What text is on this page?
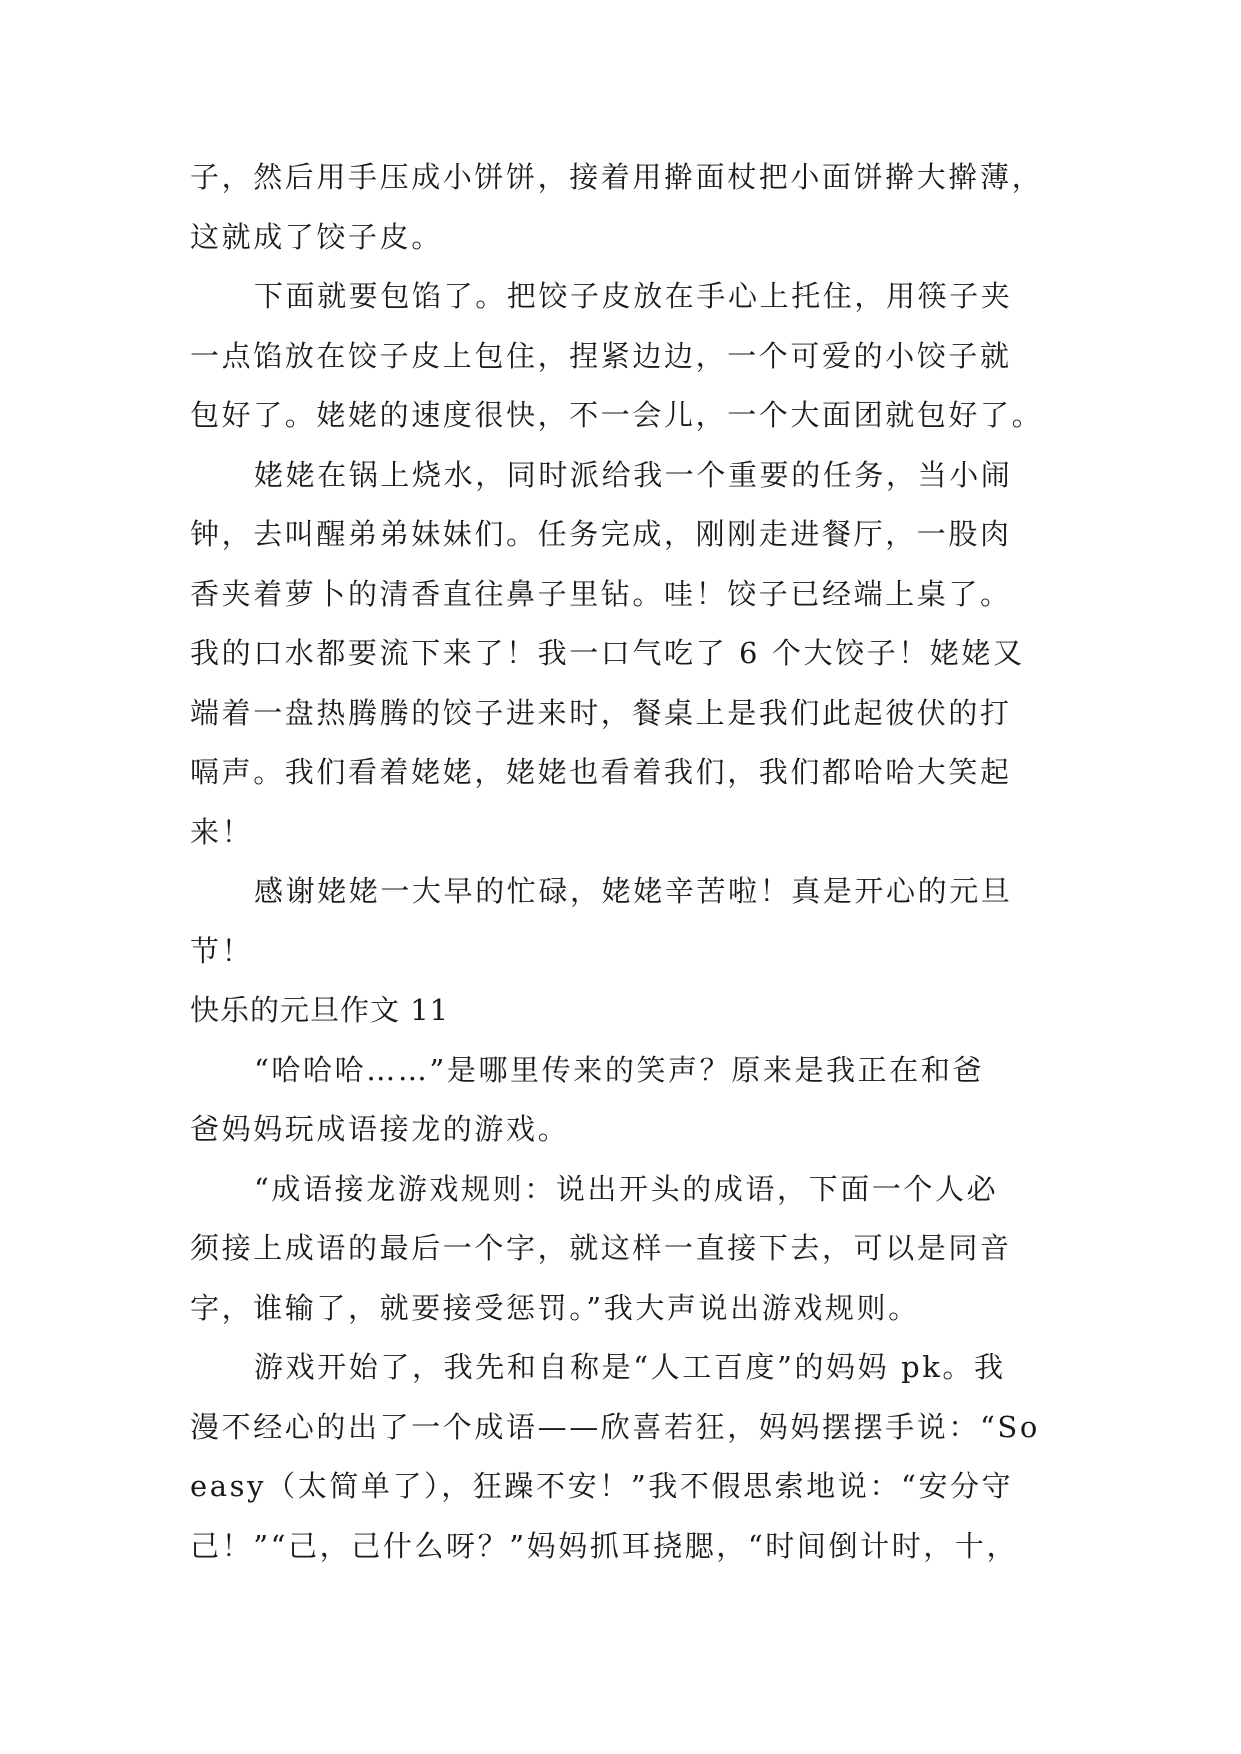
子，然后用手压成小饼饼，接着用擀面杖把小面饼擀大擀薄，
这就成了饺子皮。
下面就要包馅了。把饺子皮放在手心上托住，用筷子夹
一点馅放在饺子皮上包住，捏紧边边，一个可爱的小饺子就
包好了。姥姥的速度很快，不一会儿，一个大面团就包好了。
姥姥在锅上烧水，同时派给我一个重要的任务，当小闹
钟，去叫醒弟弟妹妹们。任务完成，刚刚走进餐厅，一股肉
香夹着萝卜的清香直往鼻子里钻。哇！饺子已经端上桌了。
我的口水都要流下来了！我一口气吃了 6 个大饺子！姥姥又
端着一盘热腾腾的饺子进来时，餐桌上是我们此起彼伏的打
嗝声。我们看着姥姥，姥姥也看着我们，我们都哈哈大笑起
来！
感谢姥姥一大早的忙碌，姥姥辛苦啦！真是开心的元旦
节！
快乐的元旦作文 11
“哈哈哈……”是哪里传来的笑声？原来是我正在和爸
爸妈妈玩成语接龙的游戏。
“成语接龙游戏规则：说出开头的成语，下面一个人必
须接上成语的最后一个字，就这样一直接下去，可以是同音
字，谁输了，就要接受惩罚。”我大声说出游戏规则。
游戏开始了，我先和自称是“人工百度”的妈妈 pk。我
漫不经心的出了一个成语——欣喜若狂，妈妈摆摆手说：“So
easy（太简单了），狂躁不安！”我不假思索地说：“安分守
己！”“己，己什么呀？”妈妈抓耳挠腮，“时间倒计时，十，
